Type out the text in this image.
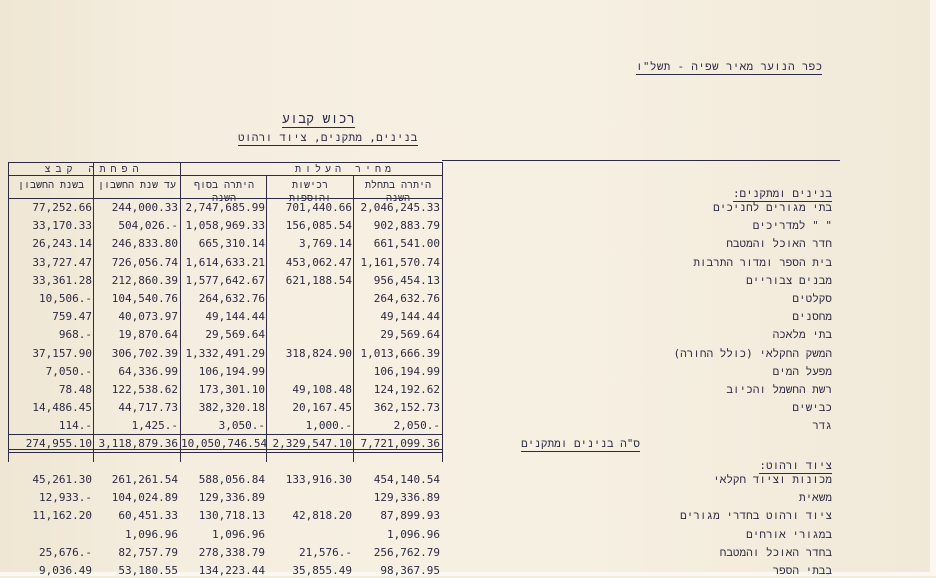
כפר הנוער מאיר שפיה - תשל"ו
רכוש קבוע
בנינים, מתקנים, ציוד ורהוט
מחיר העלות
הפחתה קבצ
היתרה בתחלת השנה
רכישות והוספות
היתרה בסוף השנה
עד שנת החשבון
בשנת החשבון
בנינים ומתקנים:
בתי מגורים לחניכים
2,046,245.33
701,440.66
2,747,685.99
244,000.33
77,252.66
" " למדריכים
902,883.79
156,085.54
1,058,969.33
504,026.-
33,170.33
חדר האוכל והמטבח
661,541.00
3,769.14
665,310.14
246,833.80
26,243.14
בית הספר ומדור התרבות
1,161,570.74
453,062.47
1,614,633.21
726,056.74
33,727.47
מבנים צבוריים
956,454.13
621,188.54
1,577,642.67
212,860.39
33,361.28
סקלטים
264,632.76
264,632.76
104,540.76
10,506.-
מחסנים
49,144.44
49,144.44
40,073.97
759.47
בתי מלאכה
29,569.64
29,569.64
19,870.64
968.-
המשק החקלאי (כולל החורה)
1,013,666.39
318,824.90
1,332,491.29
306,702.39
37,157.90
מפעל המים
106,194.99
106,194.99
64,336.99
7,050.-
רשת החשמל והכיוב
124,192.62
49,108.48
173,301.10
122,538.62
78.48
כבישים
362,152.73
20,167.45
382,320.18
44,717.73
14,486.45
גדר
2,050.-
1,000.-
3,050.-
1,425.-
114.-
ס"ה בנינים ומתקנים
7,721,099.36
2,329,547.10
10,050,746.54
3,118,879.36
274,955.10
ציוד ורהוט:
מכונות וציוד חקלאי
454,140.54
133,916.30
588,056.84
261,261.54
45,261.30
משאית
129,336.89
129,336.89
104,024.89
12,933.-
ציוד ורהוט בחדרי מגורים
87,899.93
42,818.20
130,718.13
60,451.33
11,162.20
במגורי אורחים
1,096.96
1,096.96
1,096.96
בחדר האוכל והמטבח
256,762.79
21,576.-
278,338.79
82,757.79
25,676.-
בבתי הספר
98,367.95
35,855.49
134,223.44
53,180.55
9,036.49
